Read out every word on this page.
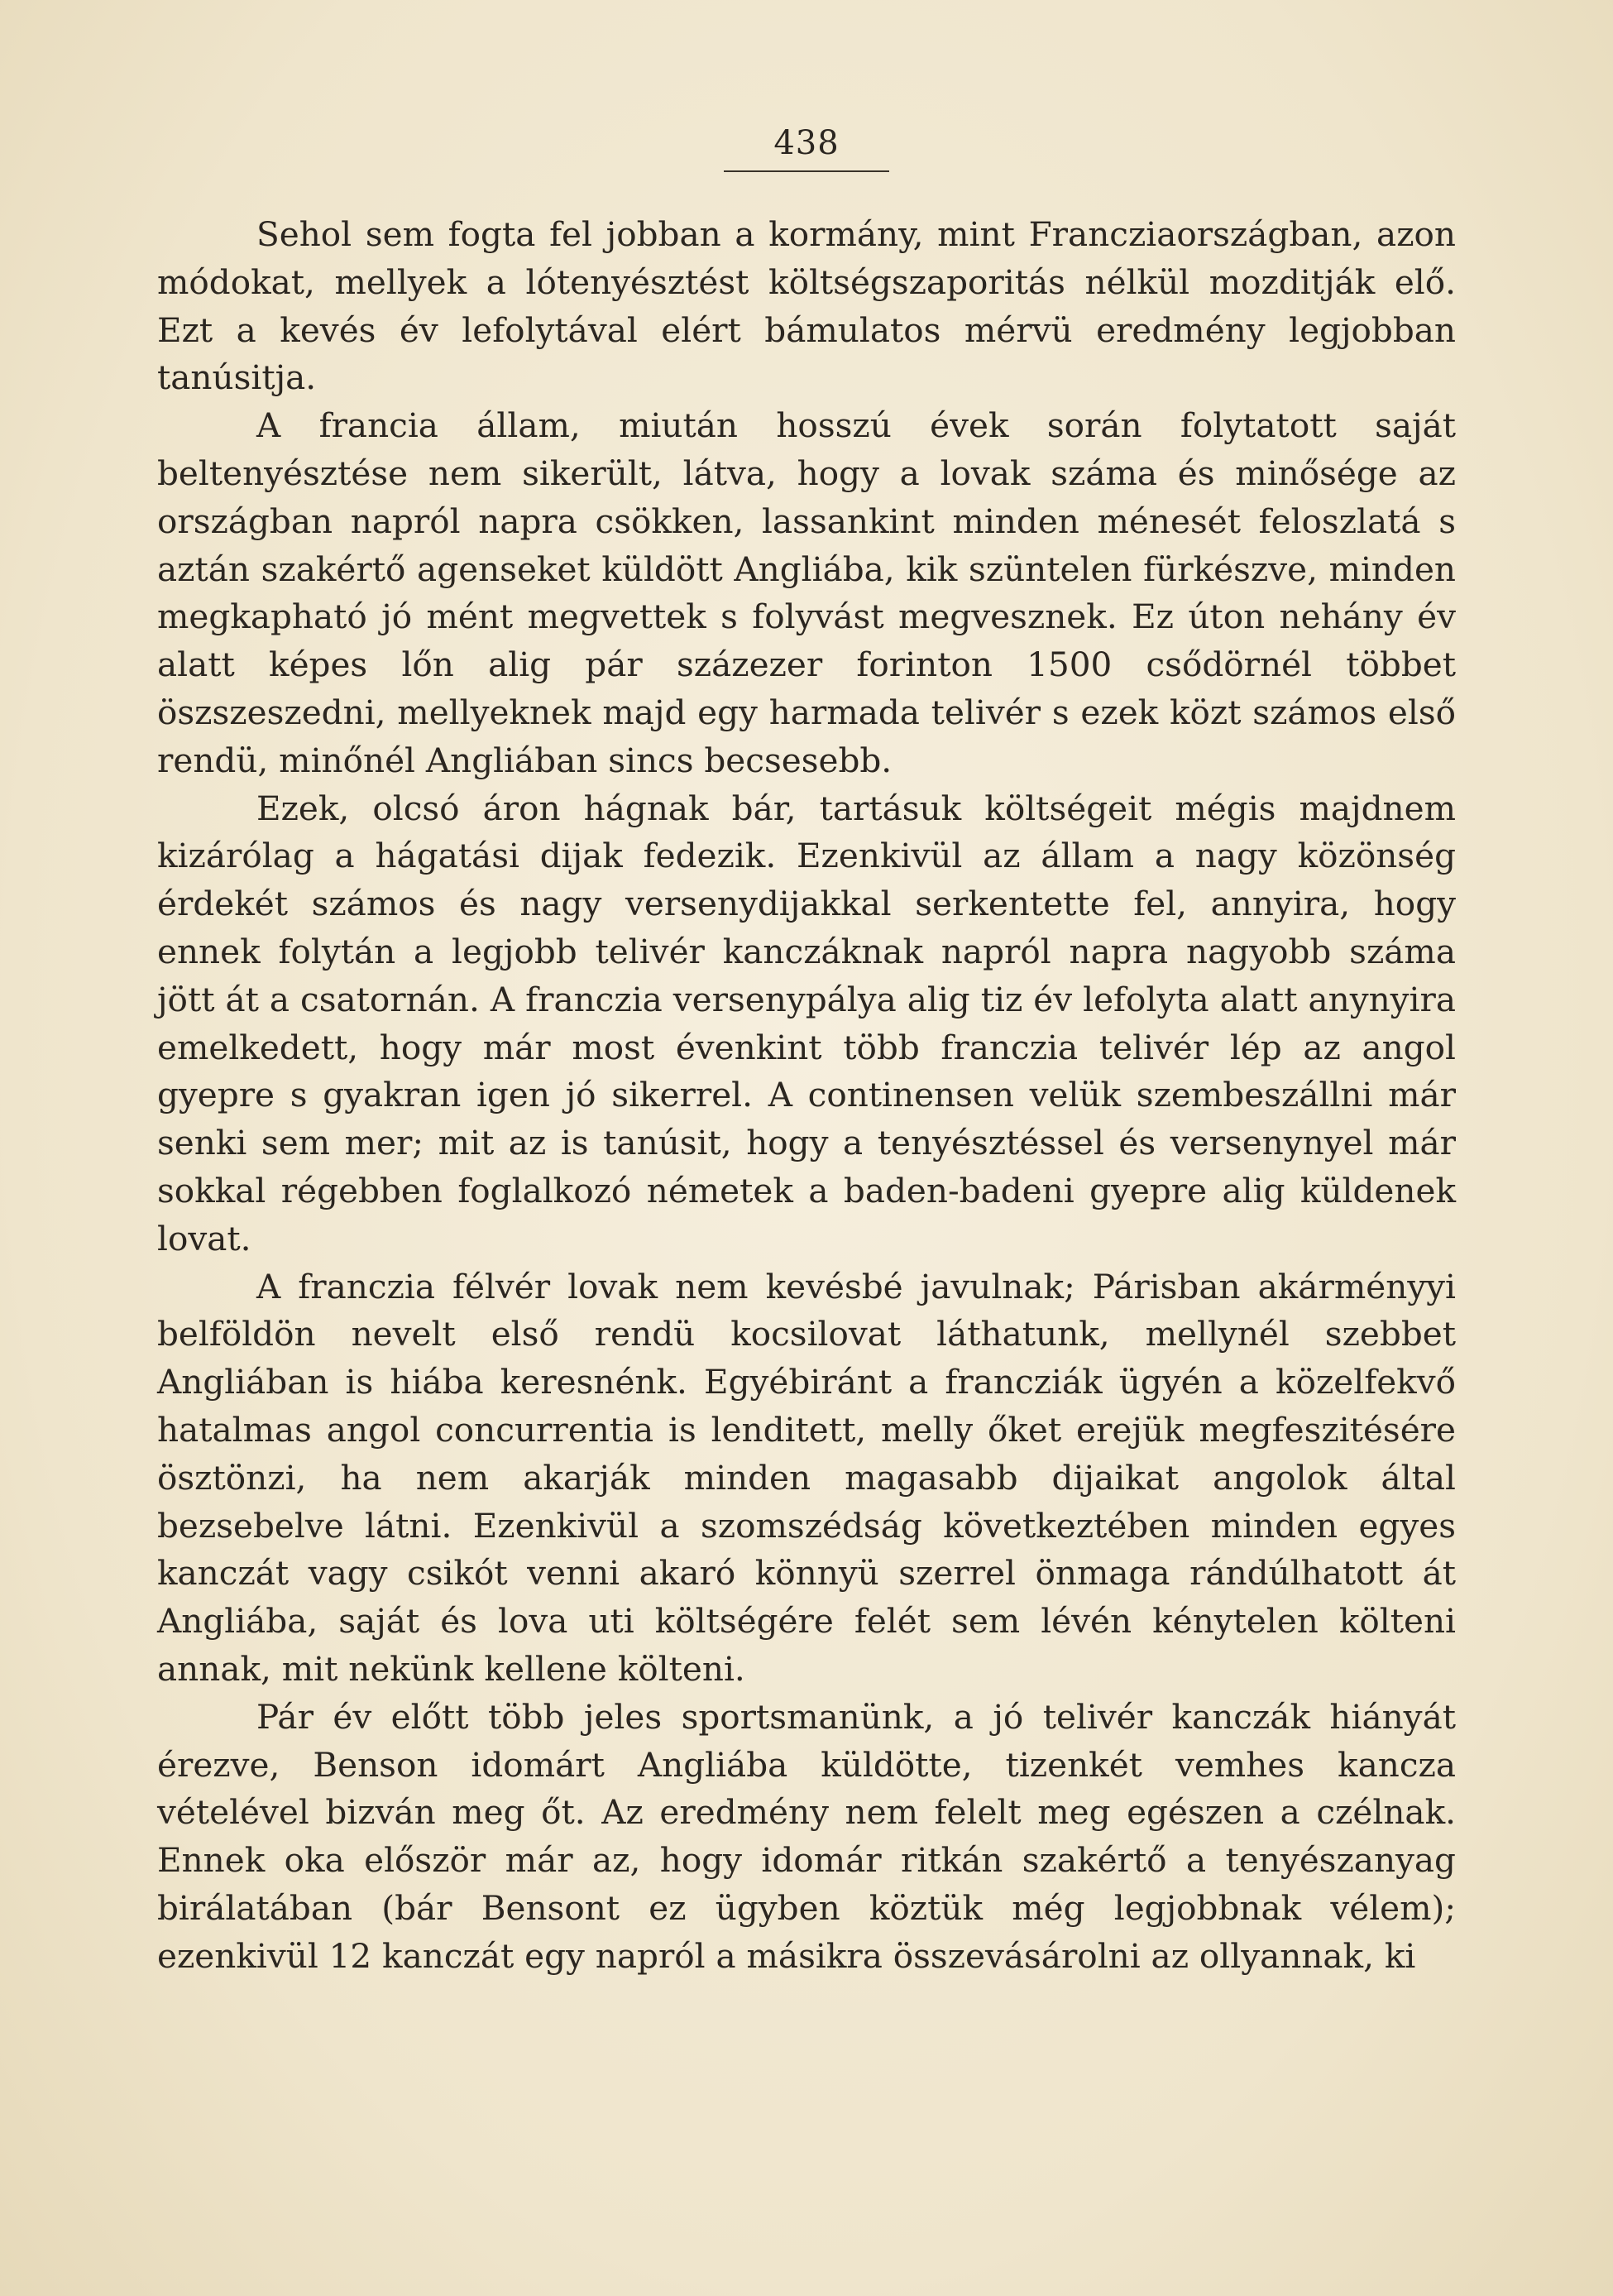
438

Sehol sem fogta fel jobban a kormány, mint Francziaországban, azon módokat, mellyek a lótenyésztést költségszaporitás nélkül mozditják elő. Ezt a kevés év lefolytával elért bámulatos mérvü eredmény legjobban tanúsitja.

A francia állam, miután hosszú évek során folytatott saját beltenyésztése nem sikerült, látva, hogy a lovak száma és minősége az országban napról napra csökken, lassankint minden ménesét feloszlatá s aztán szakértő agenseket küldött Angliába, kik szüntelen fürkészve, minden megkapható jó mént megvettek s folyvást megvesznek. Ez úton nehány év alatt képes lőn alig pár százezer forinton 1500 csődörnél többet öszszeszedni, mellyeknek majd egy harmada telivér s ezek közt számos első rendü, minőnél Angliában sincs becsesebb.

Ezek, olcsó áron hágnak bár, tartásuk költségeit mégis majdnem kizárólag a hágatási dijak fedezik. Ezenkivül az állam a nagy közönség érdekét számos és nagy versenydijakkal serkentette fel, annyira, hogy ennek folytán a legjobb telivér kanczáknak napról napra nagyobb száma jött át a csatornán. A franczia versenypálya alig tiz év lefolyta alatt anynyira emelkedett, hogy már most évenkint több franczia telivér lép az angol gyepre s gyakran igen jó sikerrel. A continensen velük szembeszállni már senki sem mer; mit az is tanúsit, hogy a tenyésztéssel és versenynyel már sokkal régebben foglalkozó németek a baden-badeni gyepre alig küldenek lovat.

A franczia félvér lovak nem kevésbé javulnak; Párisban akárményyi belföldön nevelt első rendü kocsilovat láthatunk, mellynél szebbet Angliában is hiába keresnénk. Egyébiránt a francziák ügyén a közelfekvő hatalmas angol concurrentia is lenditett, melly őket erejük megfeszitésére ösztönzi, ha nem akarják minden magasabb dijaikat angolok által bezsebelve látni. Ezenkivül a szomszédság következtében minden egyes kanczát vagy csikót venni akaró könnyü szerrel önmaga rándúlhatott át Angliába, saját és lova uti költségére felét sem lévén kénytelen költeni annak, mit nekünk kellene költeni.

Pár év előtt több jeles sportsmanünk, a jó telivér kanczák hiányát érezve, Benson idomárt Angliába küldötte, tizenkét vemhes kancza vételével bizván meg őt. Az eredmény nem felelt meg egészen a czélnak. Ennek oka először már az, hogy idomár ritkán szakértő a tenyészanyag birálatában (bár Bensont ez ügyben köztük még legjobbnak vélem); ezenkivül 12 kanczát egy napról a másikra összevásárolni az ollyannak, ki
